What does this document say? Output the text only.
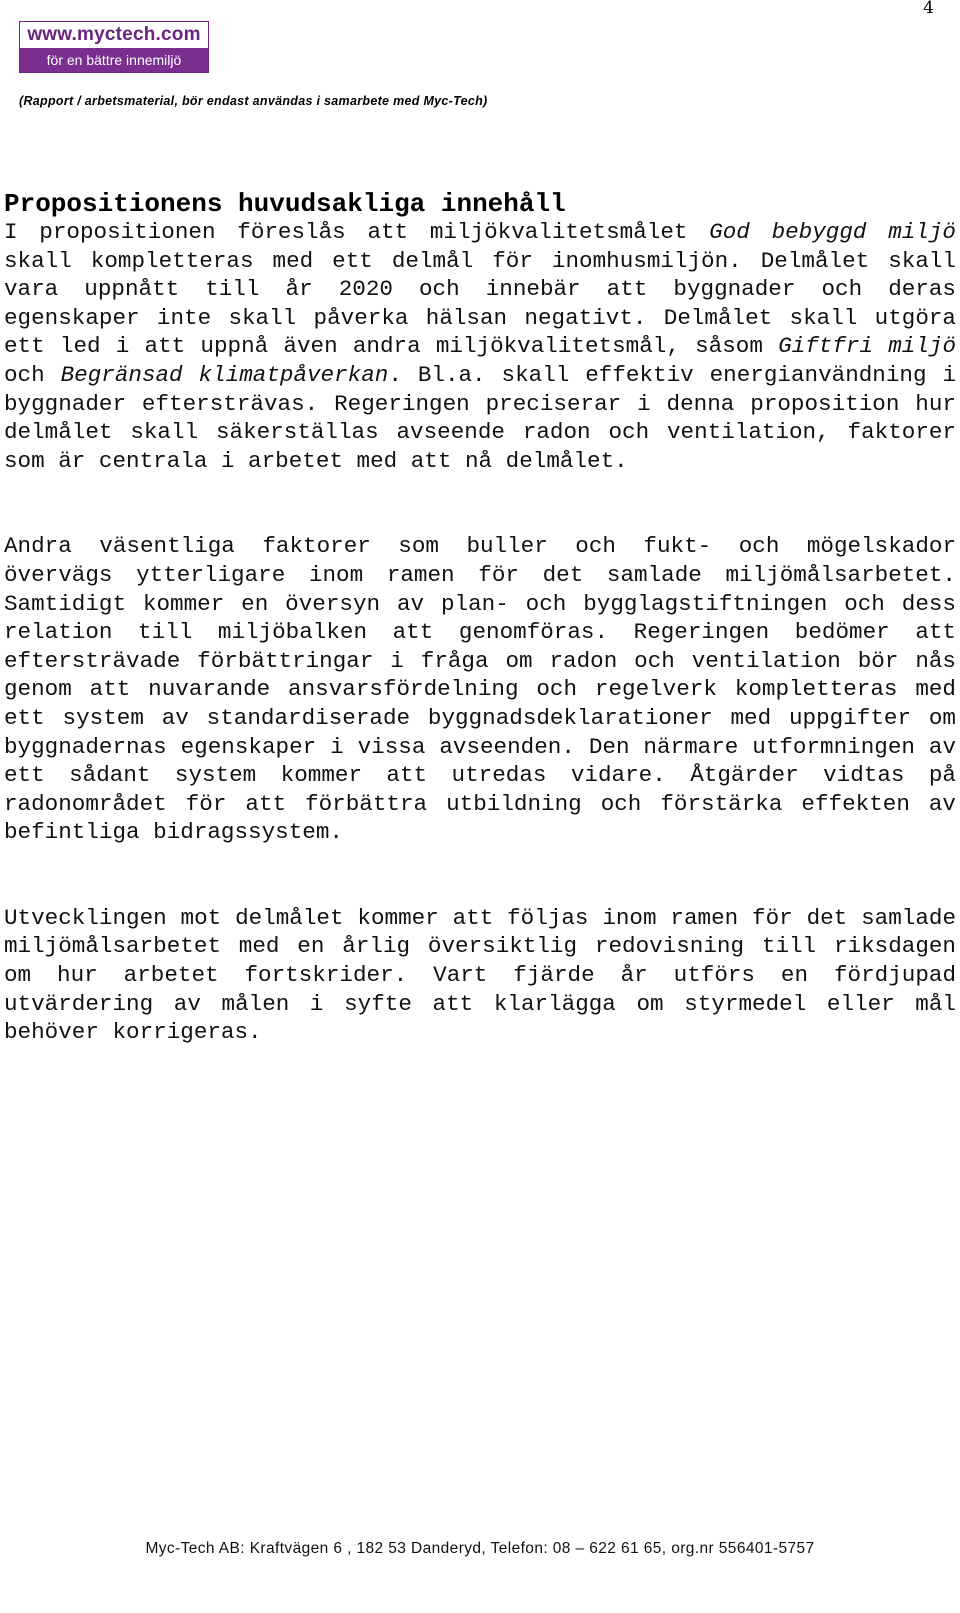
4
www.myctech.com
för en bättre innemiljö
(Rapport / arbetsmaterial, bör endast användas i samarbete med Myc-Tech)
Propositionens huvudsakliga innehåll

I propositionen föreslås att miljökvalitetsmålet God bebyggd miljö skall kompletteras med ett delmål för inomhusmiljön. Delmålet skall vara uppnått till år 2020 och innebär att byggnader och deras egenskaper inte skall påverka hälsan negativt. Delmålet skall utgöra ett led i att uppnå även andra miljökvalitetsmål, såsom Giftfri miljö och Begränsad klimatpåverkan. Bl.a. skall effektiv energianvändning i byggnader eftersträvas. Regeringen preciserar i denna proposition hur delmålet skall säkerställas avseende radon och ventilation, faktorer som är centrala i arbetet med att nå delmålet.

Andra väsentliga faktorer som buller och fukt- och mögelskador övervägs ytterligare inom ramen för det samlade miljömålsarbetet. Samtidigt kommer en översyn av plan- och bygglagstiftningen och dess relation till miljöbalken att genomföras. Regeringen bedömer att eftersträvade förbättringar i fråga om radon och ventilation bör nås genom att nuvarande ansvarsfördelning och regelverk kompletteras med ett system av standardiserade byggnadsdeklarationer med uppgifter om byggnadernas egenskaper i vissa avseenden. Den närmare utformningen av ett sådant system kommer att utredas vidare. Åtgärder vidtas på radonområdet för att förbättra utbildning och förstärka effekten av befintliga bidragssystem.

Utvecklingen mot delmålet kommer att följas inom ramen för det samlade miljömålsarbetet med en årlig översiktlig redovisning till riksdagen om hur arbetet fortskrider. Vart fjärde år utförs en fördjupad utvärdering av målen i syfte att klarlägga om styrmedel eller mål behöver korrigeras.

Myc-Tech AB: Kraftvägen 6 , 182 53 Danderyd, Telefon: 08 – 622 61 65, org.nr 556401-5757
